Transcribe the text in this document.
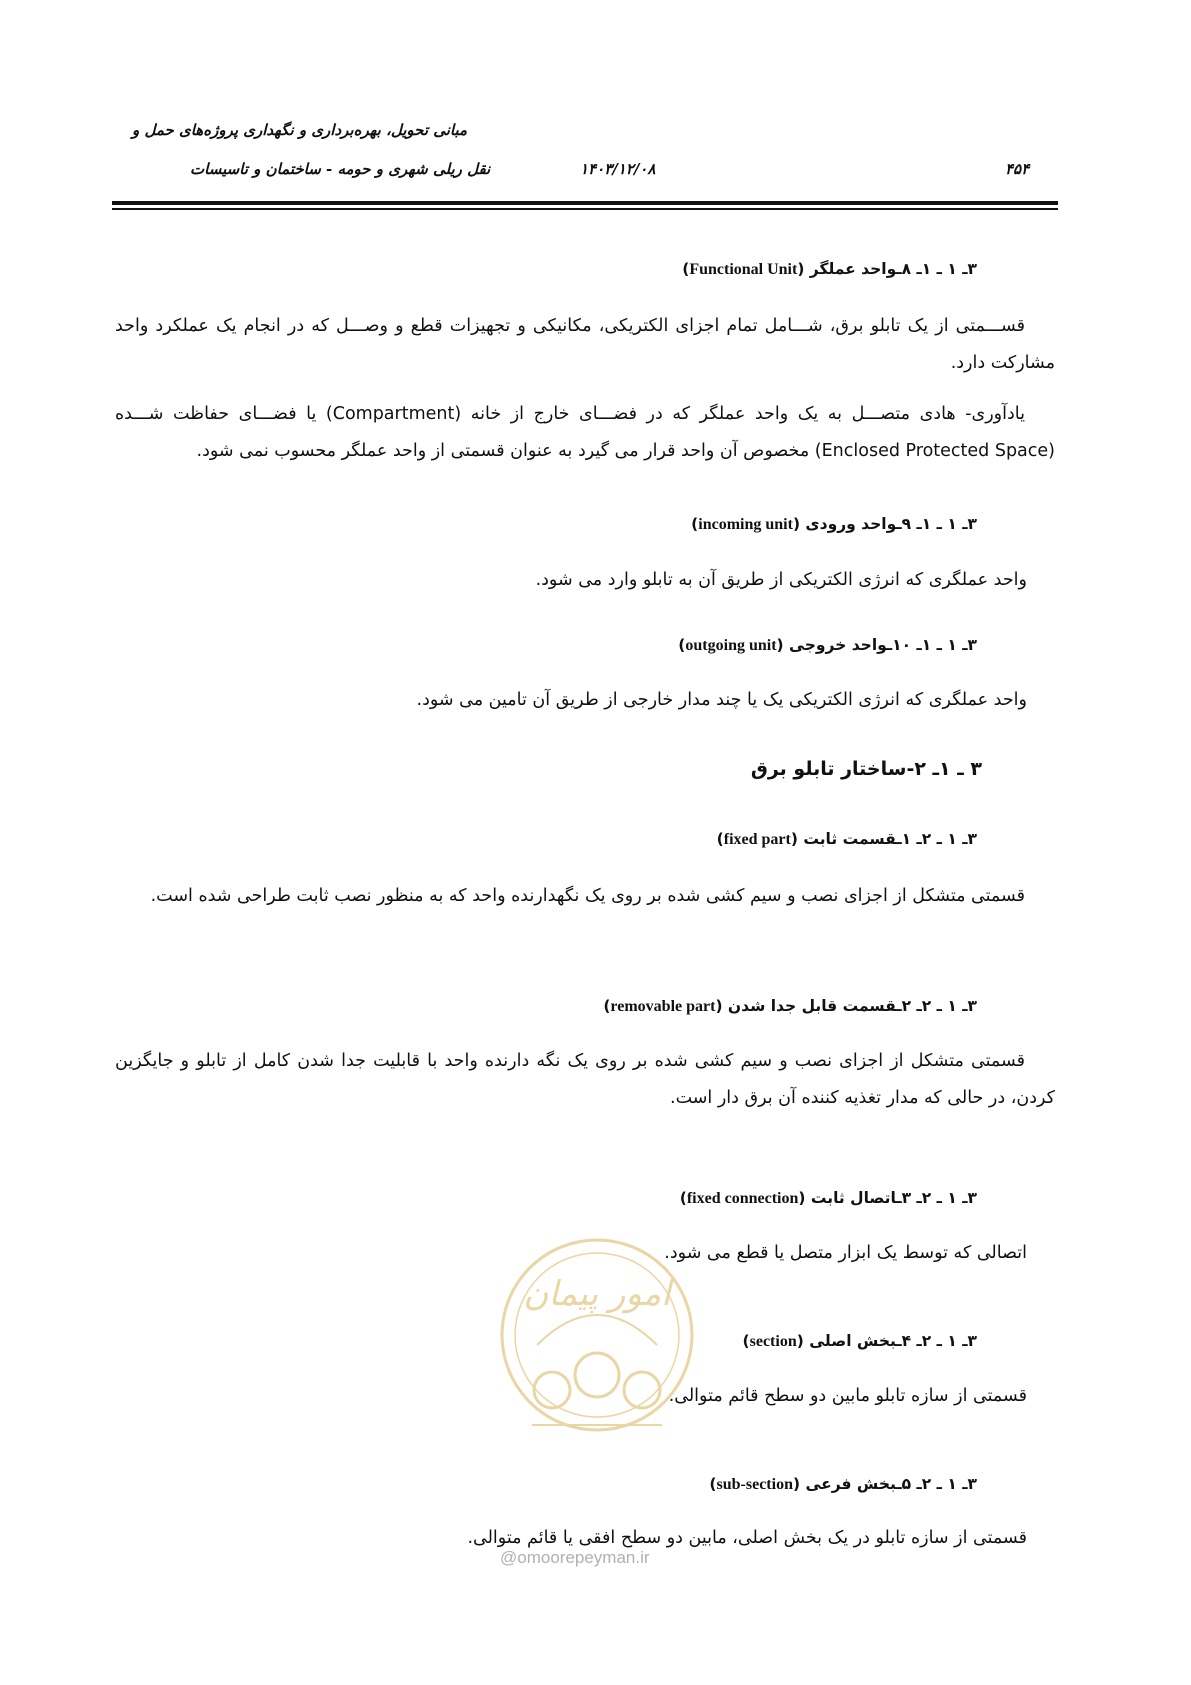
مبانی تحویل، بهره‌برداری و نگهداری پروژه‌های حمل و
نقل ریلی شهری و حومه - ساختمان و تاسیسات	۱۴۰۳/۱۲/۰۸	۴۵۴
۳ـ ۱ ـ ۱ـ ۸ـواحد عملگر (Functional Unit)
قســـمتی از یک تابلو برق، شـــامل تمام اجزای الکتریکی، مکانیکی و تجهیزات قطع و وصـــل که در انجام یک عملکرد واحد مشارکت دارد.
یادآوری- هادی متصـــل به یک واحد عملگر که در فضـــای خارج از خانه (Compartment) یا فضـــای حفاظت شـــده (Enclosed Protected Space) مخصوص آن واحد قرار می گیرد به عنوان قسمتی از واحد عملگر محسوب نمی شود.
۳ـ ۱ ـ ۱ـ ۹ـواحد ورودی (incoming unit)
واحد عملگری که انرژی الکتریکی از طریق آن به تابلو وارد می شود.
۳ـ ۱ ـ ۱ـ ۱۰ـواحد خروجی (outgoing unit)
واحد عملگری که انرژی الکتریکی یک یا چند مدار خارجی از طریق آن تامین می شود.
۳ ـ ۱ـ ۲-ساختار تابلو برق
۳ـ ۱ ـ ۲ـ ۱ـقسمت ثابت (fixed part)
قسمتی متشکل از اجزای نصب و سیم کشی شده بر روی یک نگهدارنده واحد که به منظور نصب ثابت طراحی شده است.
۳ـ ۱ ـ ۲ـ ۲ـقسمت قابل جدا شدن (removable part)
قسمتی متشکل از اجزای نصب و سیم کشی شده بر روی یک نگه دارنده واحد با قابلیت جدا شدن کامل از تابلو و جایگزین کردن، در حالی که مدار تغذیه کننده آن برق دار است.
۳ـ ۱ ـ ۲ـ ۳ـاتصال ثابت (fixed connection)
اتصالی که توسط یک ابزار متصل یا قطع می شود.
۳ـ ۱ ـ ۲ـ ۴ـبخش اصلی (section)
قسمتی از سازه تابلو مابین دو سطح قائم متوالی.
۳ـ ۱ ـ ۲ـ ۵ـبخش فرعی (sub-section)
قسمتی از سازه تابلو در یک بخش اصلی، مابین دو سطح افقی یا قائم متوالی.
امور پیمان
@omoorepeyman.ir
